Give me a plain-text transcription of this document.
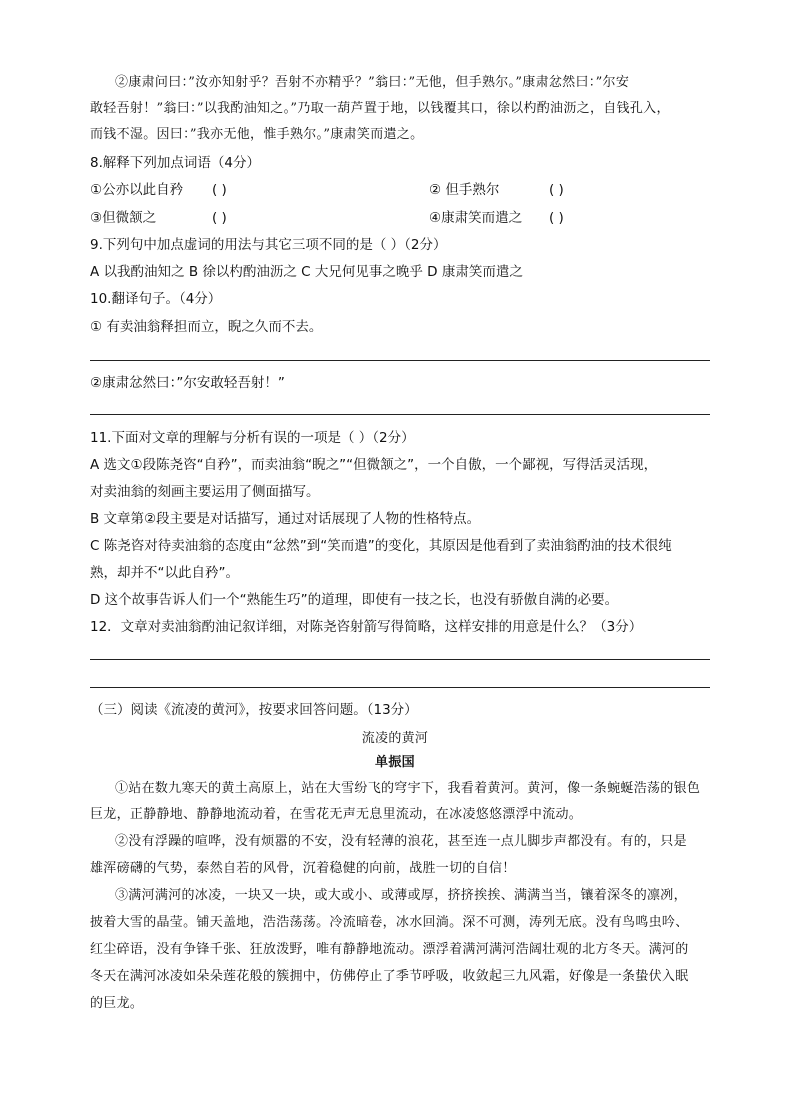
②康肃问曰：”汝亦知射乎？吾射不亦精乎？”翁曰：”无他，但手熟尔。”康肃忿然曰：”尔安
敢轻吾射！”翁曰：”以我酌油知之。”乃取一葫芦置于地，以钱覆其口，徐以杓酌油沥之，自钱孔入，
而钱不湿。因曰：”我亦无他，惟手熟尔。”康肃笑而遣之。
8.解释下列加点词语（4分）
①公亦以此自矜 ( )	② 但手熟尔	( )
③但微颔之	( )	④康肃笑而遣之 ( )
9.下列句中加点虚词的用法与其它三项不同的是（ ）（2分）
A 以我酌油知之 B 徐以杓酌油沥之 C 大兄何见事之晚乎 D 康肃笑而遣之
10.翻译句子。（4分）
① 有卖油翁释担而立，睨之久而不去。
②康肃忿然曰：”尔安敢轻吾射！”
11.下面对文章的理解与分析有误的一项是（ ）（2分）
A 选文①段陈尧咨“自矜”，而卖油翁“睨之”“但微颔之”，一个自傲，一个鄙视，写得活灵活现，
对卖油翁的刻画主要运用了侧面描写。
B 文章第②段主要是对话描写，通过对话展现了人物的性格特点。
C 陈尧咨对待卖油翁的态度由“忿然”到“笑而遣”的变化，其原因是他看到了卖油翁酌油的技术很纯
熟，却并不“以此自矜”。
D 这个故事告诉人们一个“熟能生巧”的道理，即使有一技之长，也没有骄傲自满的必要。
12．文章对卖油翁酌油记叙详细，对陈尧咨射箭写得简略，这样安排的用意是什么？（3分）
（三）阅读《流凌的黄河》，按要求回答问题。（13分）
流凌的黄河
单振国
①站在数九寒天的黄土高原上，站在大雪纷飞的穹宇下，我看着黄河。黄河，像一条蜿蜒浩荡的银色
巨龙，正静静地、静静地流动着，在雪花无声无息里流动，在冰凌悠悠漂浮中流动。
②没有浮躁的喧哗，没有烦嚣的不安，没有轻薄的浪花，甚至连一点儿脚步声都没有。有的，只是
雄浑磅礴的气势，泰然自若的风骨，沉着稳健的向前，战胜一切的自信！
③满河满河的冰凌，一块又一块，或大或小、或薄或厚，挤挤挨挨、满满当当，镶着深冬的凛冽，
披着大雪的晶莹。铺天盖地，浩浩荡荡。冷流暗卷，冰水回淌。深不可测，涛列无底。没有鸟鸣虫吟、
红尘碎语，没有争锋千张、狂放泼野，唯有静静地流动。漂浮着满河满河浩阔壮观的北方冬天。满河的
冬天在满河冰凌如朵朵莲花般的簇拥中，仿佛停止了季节呼吸，收敛起三九风霜，好像是一条蛰伏入眠
的巨龙。
